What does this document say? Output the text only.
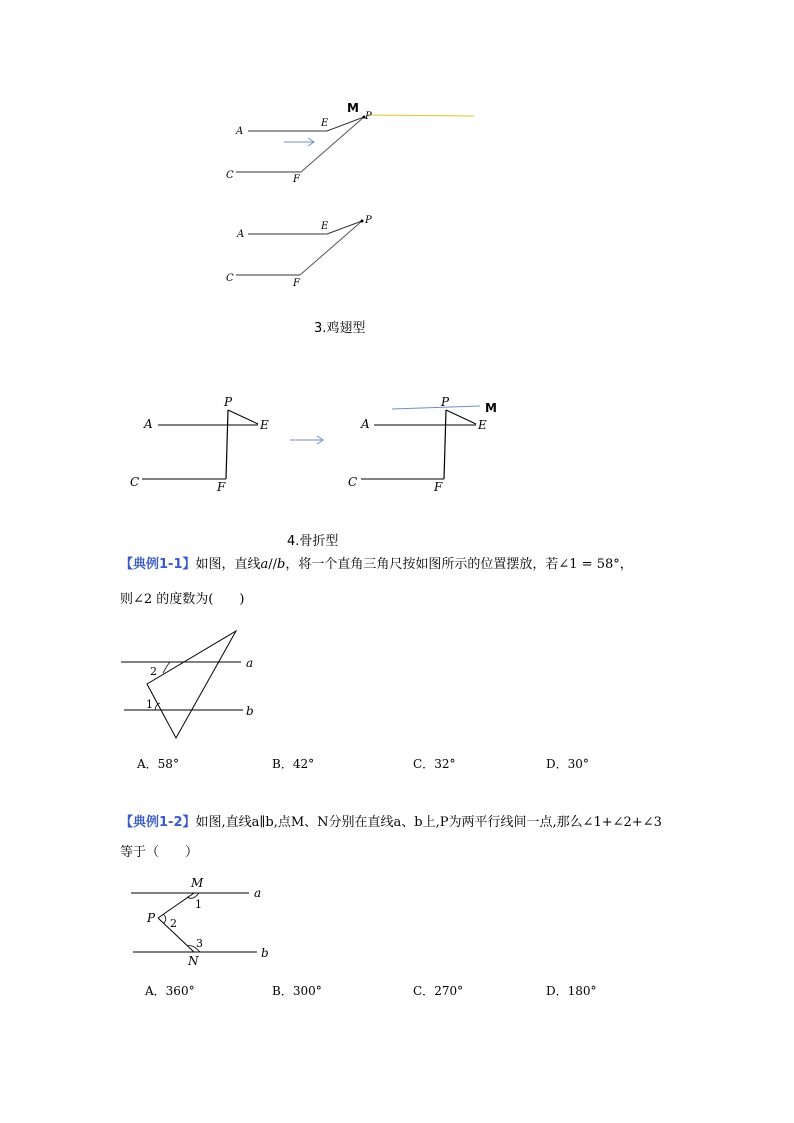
A
E
C	F
P
M
A
E
C	F
P
3.鸡翅型
P
A	E
C	F
P
A	E
C	F
M
4.骨折型
【典例1-1】如图，直线a//b，将一个直角三角尺按如图所示的位置摆放，若∠1 = 58°，
则∠2 的度数为(　　)
2
1
a
b
A．58°	B．42°	C．32°	D．30°
【典例1-2】如图,直线a∥b,点M、N分别在直线a、b上,P为两平行线间一点,那么∠1+∠2+∠3
等于（　　）
M
P
N
a
b
1
2
3
A．360°	B．300°	C．270°	D．180°
